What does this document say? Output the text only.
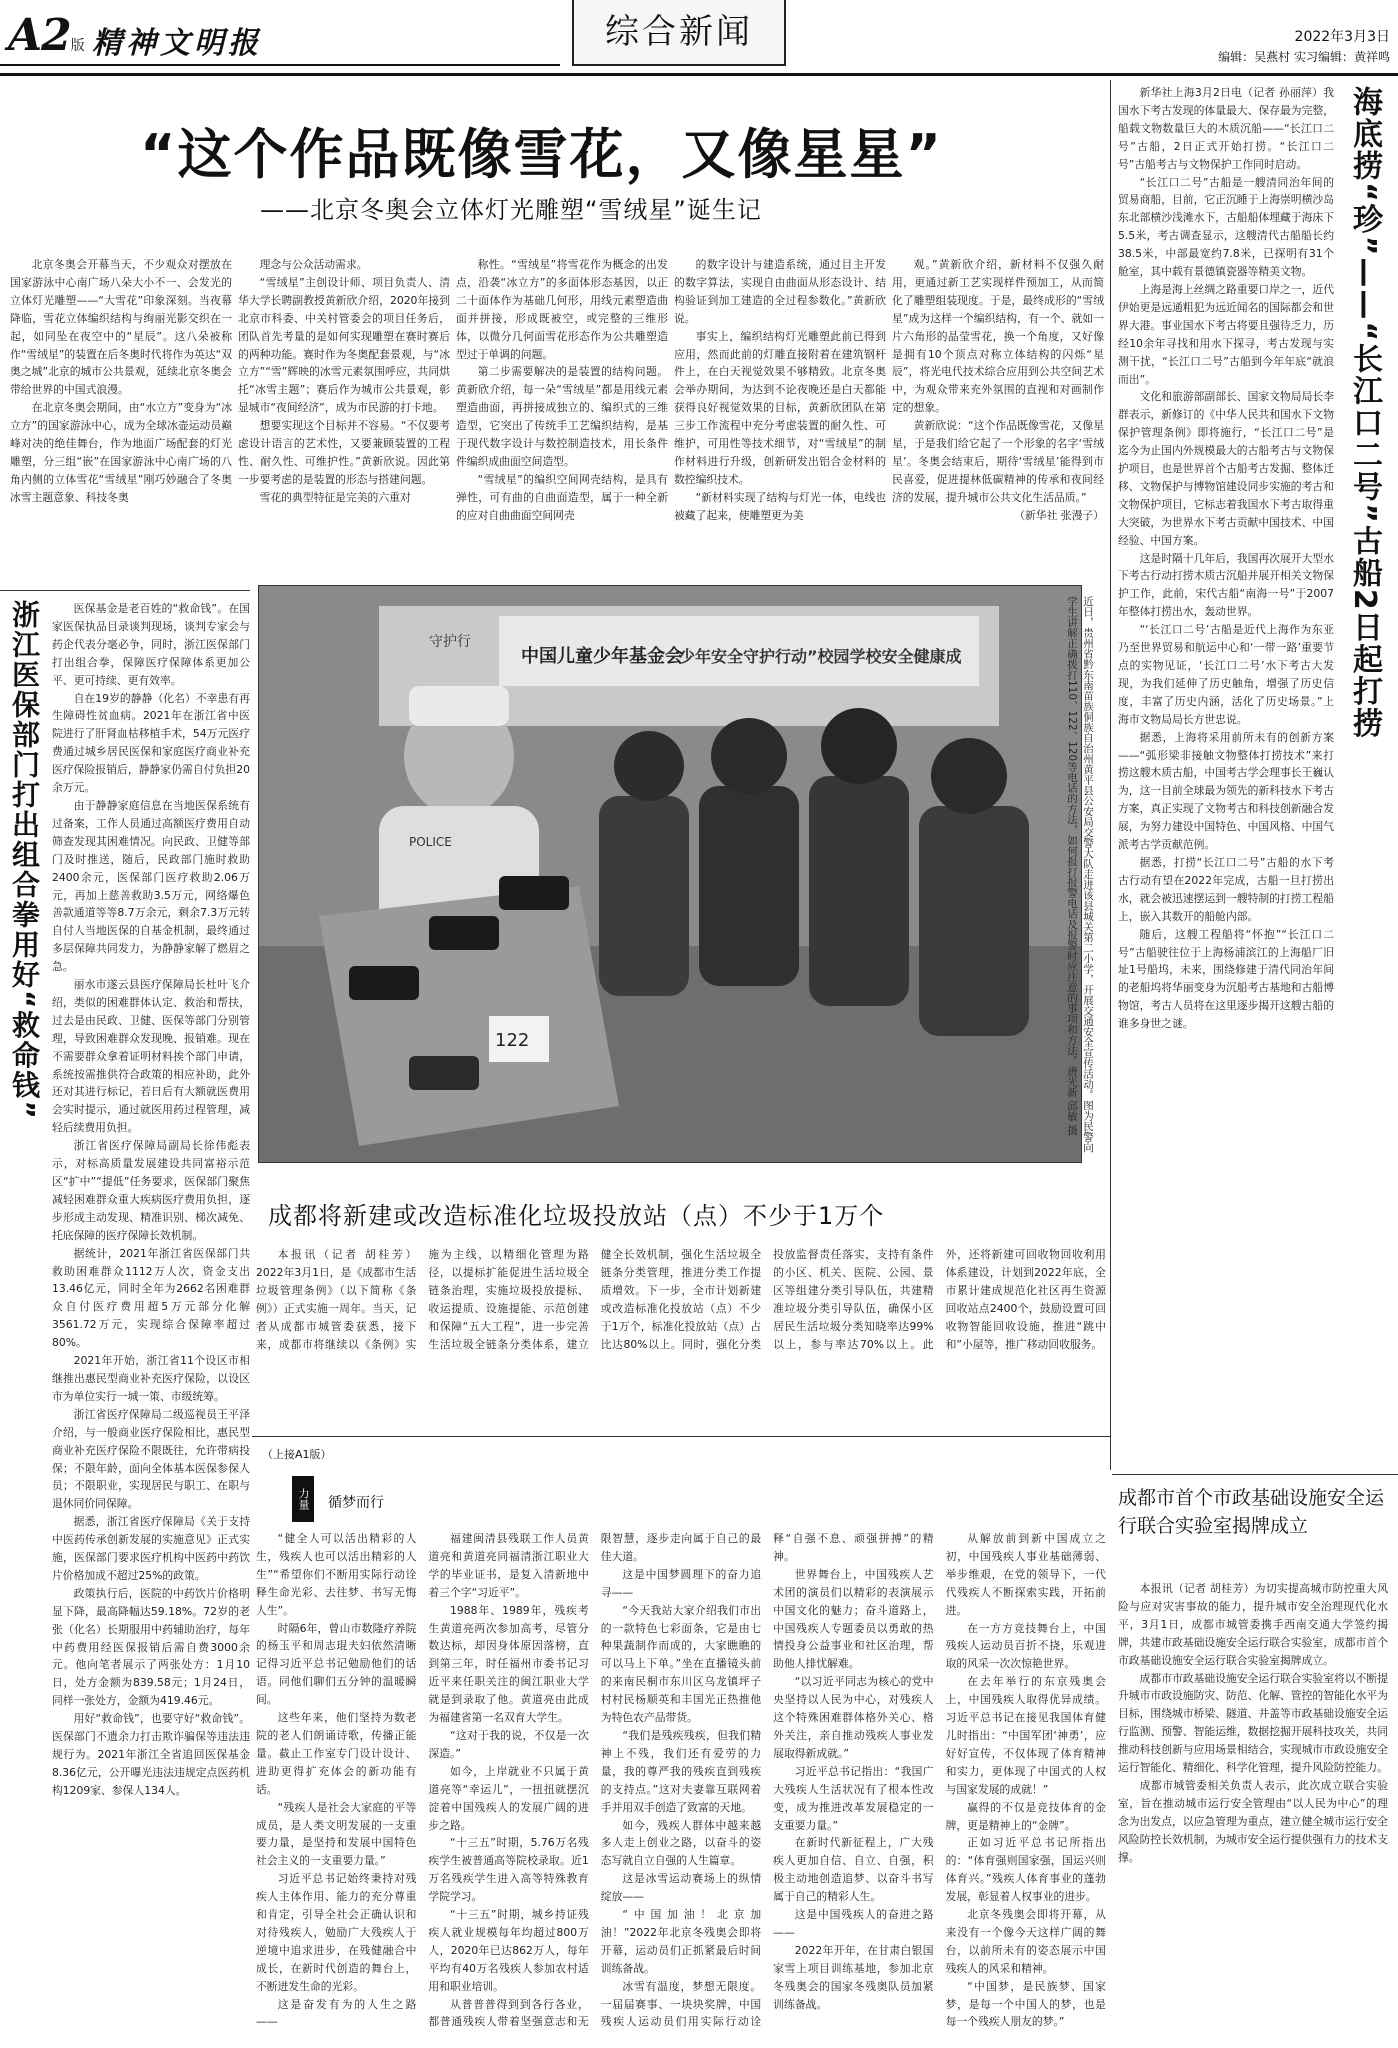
A2版 精神文明报	综合新闻	2022年3月3日
编辑：吴燕村 实习编辑：黄祥鸣
“这个作品既像雪花，又像星星”
——北京冬奥会立体灯光雕塑“雪绒星”诞生记

北京冬奥会开幕当天，不少观众对摆放在国家游泳中心南广场八朵大小不一、会发光的立体灯光雕塑——“大雪花”印象深刻。当夜幕降临，雪花立体编织结构与绚丽光影交织在一起，如同坠在夜空中的“星辰”。这八朵被称作“雪绒星”的装置在后冬奥时代将作为英达“双奥之城”北京的城市公共景观，延续北京冬奥会带给世界的中国式浪漫。

在北京冬奥会期间，由“水立方”变身为“冰立方”的国家游泳中心，成为全球冰壶运动员巅峰对决的绝佳舞台，作为地面广场配套的灯光雕塑，分三组“嵌”在国家游泳中心南广场的八角内侧的立体雪花“雪绒星”刚巧妙融合了冬奥冰雪主题意象、科技冬奥

理念与公众活动需求。

“雪绒星”主创设计师、项目负责人、清华大学长聘副教授黄新欣介绍，2020年接到北京市科委、中关村管委会的项目任务后，团队首先考量的是如何实现雕塑在赛时赛后的两种功能。赛时作为冬奥配套景观，与“冰立方”“雪”辉映的冰雪元素氛围呼应，共同烘托“冰雪主题”；赛后作为城市公共景观，彰显城市“夜间经济”，成为市民游的打卡地。

想要实现这个目标并不容易。“不仅要考虑设计语言的艺术性，又要兼顾装置的工程性、耐久性、可维护性。”黄新欣说。因此第一步要考虑的是装置的形态与搭建问题。

雪花的典型特征是完美的六重对

称性。“雪绒星”将雪花作为概念的出发点，沿袭“冰立方”的多面体形态基因，以正二十面体作为基础几何形，用线元素塑造曲面并拼接，形成既被空，或完整的三维形体，以微分几何面雪花形态作为公共雕塑造型过于单调的问题。

第二步需要解决的是装置的结构问题。黄新欣介绍，每一朵“雪绒星”都是用线元素塑造曲面，再拼接成独立的、编织式的三维造型，它突出了传统手工艺编织结构，是基于现代数字设计与数控制造技术，用长条件件编织成曲面空间造型。

“雪绒星”的编织空间网壳结构，是具有弹性，可有曲的自曲面造型，属于一种全新的应对自曲曲面空间网壳

的数字设计与建造系统，通过目主开发的数字算法，实现自由曲面从形态设计、结构验证到加工建造的全过程参数化。”黄新欣说。

事实上，编织结构灯光雕塑此前已得到应用，然而此前的灯雕直接附着在建筑钢杆件上，在白天视觉效果不够精致。北京冬奥会举办期间，为达到不论夜晚还是白天都能获得良好视觉效果的目标，黄新欣团队在第三步工作流程中充分考虑装置的耐久性、可维护，可用性等技术细节，对“雪绒星”的制作材料进行升级，创新研发出铝合金材料的数控编织技术。

“新材料实现了结构与灯光一体，电线也被藏了起来，使雕塑更为美

观。”黄新欣介绍，新材料不仅强久耐用，更通过新工艺实现样件预加工，从而简化了雕塑组装现度。于是，最终成形的“雪绒星”成为这样一个编织结构，有一个、就如一片六角形的晶莹雪花，换一个角度，又好像是拥有10个顶点对称立体结构的闪烁“星辰”，将光电代技术综合应用到公共空间艺术中，为观众带来充外氛围的直视和对画制作定的想象。

黄新欣说：“这个作品既像雪花，又像星星，于是我们给它起了一个形象的名字‘雪绒星’。冬奥会结束后，期待‘雪绒星’能得到市民喜爱，促进提林低碳精神的传承和夜间经济的发展，提升城市公共文化生活品质。”

（新华社 张漫子）	海底捞“珍”——“长江口二号”古船2日起打捞

新华社上海3月2日电（记者 孙丽萍）我国水下考古发现的体量最大、保存最为完整，船载文物数量巨大的木质沉船——“长江口二号”古船，2日正式开始打捞。“长江口二号”古船考古与文物保护工作同时启动。

“长江口二号”古船是一艘清同治年间的贸易商船，目前，它正沉睡于上海崇明横沙岛东北部横沙浅滩水下，古船船体埋藏于海床下5.5米，考古调查显示，这艘清代古船船长约38.5米，中部最宽约7.8米，已探明有31个舱室，其中载有景德镇瓷器等精美文物。

上海是海上丝绸之路重要口岸之一，近代伊始更是远通粗犯为远近闻名的国际都会和世界大港。事业国水下考古将要且强待乏力，历经10余年寻找和用水下探寻，考古发现与实测干扰，“长江口二号”古船到今年年底“就浪而出”。

文化和旅游部副部长、国家文物局局长李群表示，新修订的《中华人民共和国水下文物保护管理条例》即将施行，“长江口二号”是迄今为止国内外规模最大的古船考古与文物保护项目，也是世界首个古船考古发掘、整体迁移、文物保护与博物馆建设同步实施的考古和文物保护项目，它标志着我国水下考古取得重大突破，为世界水下考古贡献中国技术、中国经验、中国方案。

这是时隔十几年后，我国再次展开大型水下考古行动打捞木质古沉船并展开相关文物保护工作，此前，宋代古船“南海一号”于2007年整体打捞出水，轰动世界。

“‘长江口二号’古船是近代上海作为东亚乃至世界贸易和航运中心和‘一带一路’重要节点的实物见证，‘长江口二号’水下考古大发现，为我们延伸了历史触角，增强了历史信度，丰富了历史内涵，活化了历史场景。”上海市文物局局长方世忠说。

据悉，上海将采用前所未有的创新方案——“弧形梁非接触文物整体打捞技术”来打捞这艘木质古船，中国考古学会理事长王巍认为，这一目前全球最为领先的新科技水下考古方案，真正实现了文物考古和科技创新融合发展，为努力建设中国特色、中国风格、中国气派考古学贡献范例。

据悉，打捞“长江口二号”古船的水下考古行动有望在2022年完成，古船一旦打捞出水，就会被迅速摆运到一艘特制的打捞工程船上，嵌入其数开的船舱内部。

随后，这艘工程船将“怀抱”“长江口二号”古船驶往位于上海杨浦滨江的上海船厂旧址1号船坞，未来，围绕修建于清代同治年间的老船坞将华丽变身为沉船考古基地和古船博物馆，考古人员将在这里逐步揭开这艘古船的谁多身世之谜。

浙江医保部门打出组合拳用好“救命钱”	医保基金是老百姓的“救命钱”。在国家医保执品目录谈判现场，谈判专家会与药企代表分毫必争，同时，浙江医保部门打出组合拳，保障医疗保障体系更加公平、更可持续、更有效率。

自在19岁的静静（化名）不幸患有再生障碍性贫血病。2021年在浙江省中医院进行了肝肾血枯移植手术，54万元医疗费通过城乡居民医保和家庭医疗商业补充医疗保险报销后，静静家仍需自付负担20余万元。

由于静静家庭信息在当地医保系统有过备案，工作人员通过高额医疗费用自动筛查发现其困难情况。向民政、卫健等部门及时推送，随后，民政部门施时救助2400余元，医保部门医疗救助2.06万元，再加上慈善救助3.5万元，网络爆色善款通道等等8.7万余元，剩余7.3万元转自付人当地医保的自基金机制，最终通过多层保障共同发力，为静静家解了燃眉之急。

丽水市遂云县医疗保障局长杜叶飞介绍，类似的困难群体认定、救治和帮扶，过去是由民政、卫健、医保等部门分别管理，导致困难群众发现晚、报销难。现在不需要群众拿着证明材料挨个部门申请，系统按需推供符合政策的相应补助，此外还对其进行标记，若日后有大额就医费用会实时提示，通过就医用药过程管理，减轻后续费用负担。

浙江省医疗保障局副局长徐伟彪表示，对标高质量发展建设共同富裕示范区“扩中”“提低”任务要求，医保部门聚焦减轻困难群众重大疾病医疗费用负担，逐步形成主动发现、精准识别、梯次减免、托底保障的医疗保障长效机制。

据统计，2021年浙江省医保部门共救助困难群众1112万人次，资金支出13.46亿元，同时全年为2662名困难群众自付医疗费用超5万元部分化解3561.72万元，实现综合保障率超过80%。

2021年开始，浙江省11个设区市相继推出惠民型商业补充医疗保险，以设区市为单位实行一城一策、市级统筹。

浙江省医疗保障局二级巡视员王平泽介绍，与一般商业医疗保险相比，惠民型商业补充医疗保险不限既往，允许带病投保；不限年龄，面向全体基本医保参保人员；不限职业，实现居民与职工、在职与退休同价同保障。

据悉，浙江省医疗保障局《关于支持中医药传承创新发展的实施意见》正式实施，医保部门要求医疗机构中医药中药饮片价格加成不超过25%的政策。

政策执行后，医院的中药饮片价格明显下降，最高降幅达59.18%。72岁的老张（化名）长期服用中药辅助治疗，每年中药费用经医保报销后需自费3000余元。他向笔者展示了两张处方：1月10日，处方金额为839.58元；1月24日，同样一张处方，金额为419.46元。

用好“救命钱”，也要守好“救命钱”。医保部门不遗余力打击欺诈骗保等违法违规行为。2021年浙江全省追回医保基金8.36亿元，公开曝光违法违规定点医药机构1209家、参保人134人。

中国儿童少年基金会
少年安全守护行动”校园学校安全健康成
守护行
POLICE
122	近日，贵州省黔东南苗族侗族自治州黄平县公安局交警大队走进该县城关第二小学，开展交通安全宣传活动。图为民警向学生讲解正确拨打110、122、120等电话的方法，如何报打报警电话及报警时应注意的事项和方法。唐光新 邱敏 摄
成都将新建或改造标准化垃圾投放站（点）不少于1万个

本报讯（记者 胡桂芳）2022年3月1日，是《成都市生活垃圾管理条例》（以下简称《条例》）正式实施一周年。当天，记者从成都市城管委获悉，接下来，成都市将继续以《条例》实施为主线，以精细化管理为路径，以提标扩能促进生活垃圾全链条治理，实施垃圾投放提标、收运提质、设施提能、示范创建和保障“五大工程”，进一步完善生活垃圾全链条分类体系，建立健全长效机制，强化生活垃圾全链条分类管理，推进分类工作提质增效。下一步，全市计划新建或改造标准化投放站（点）不少于1万个，标准化投放站（点）占比达80%以上。同时，强化分类投放监督责任落实，支持有条件的小区、机关、医院、公园、景区等组建分类引导队伍，共建精准垃圾分类引导队伍，确保小区居民生活垃圾分类知晓率达99%以上，参与率达70%以上。此外，还将新建可回收物回收利用体系建设，计划到2022年底，全市累计建成规范化社区再生资源回收站点2400个，鼓励设置可回收物智能回收设施，推进“跳中和”小屋等，推广移动回收服务。

（上接A1版）
力量 循梦而行

“健全人可以活出精彩的人生，残疾人也可以活出精彩的人生”“希望你们不断用实际行动诠释生命光彩、去往梦、书写无悔人生”。

时隔6年，曾山市数隆疗养院的杨玉平和周志琨夫妇依然清晰记得习近平总书记勉励他们的话语。同他们聊们五分钟的温暖瞬间。

这些年来，他们坚持为数老院的老人们朗诵诗歌，传播正能量。截止工作室专门设计设计、进助更得扩充体会的新功能有话。

“残疾人是社会大家庭的平等成员，是人类文明发展的一支重要力量，是坚持和发展中国特色社会主义的一支重要力量。”

习近平总书记始终秉持对残疾人主体作用、能力的充分尊重和肯定，引导全社会正确认识和对待残疾人，勉励广大残疾人于逆境中追求进步，在残健融合中成长，在新时代创造的舞台上，不断迸发生命的光彩。

这是奋发有为的人生之路——

福建闽清县残联工作人员黄道亮和黄道亮同福清浙江职业大学的毕业证书，是复入清新地中着三个字“习近平”。

1988年、1989年，残疾考生黄道亮两次参加高考，尽管分数达标，却因身体原因落榜，直到第三年，时任福州市委书记习近平来任职关注的闽江职业大学就是到录取了他。黄道亮由此成为福建省第一名双育大学生。

“这对于我的说，不仅是一次深造。”

如今，上岸就业不只属于黄道亮等“幸运儿”，一扭扭就摆沉淀着中国残疾人的发展广阔的进步之路。

“十三五”时期，5.76万名残疾学生被普通高等院校录取。近1万名残疾学生进入高等特殊教育学院学习。

“十三五”时期，城乡持证残疾人就业规模每年均超过800万人，2020年已达862万人，每年平均有40万名残疾人参加农村适用和职业培训。

从普普普得到到各行各业，都普通残疾人带着坚强意志和无限智慧，逐步走向属于自己的最佳大道。

这是中国梦圆理下的奋力追寻——

“今天我站大家介绍我们市出的一款特色七彩面条，它是由七种果蔬制作而成的，大家瞧瞧的可以马上下单。”坐在直播镜头前的来南民桐市东川区乌龙镇坪子村村民杨顺英和丰国光正热推他为特色农产品带货。

“我们是残疾残疾，但我们精神上不残，我们还有爱劳的力量，我的尊严我的残疾直到残疾的支持点。”这对夫妻靠互联网着手并用双手创造了致富的天地。

如今，残疾人群体中越来越多人走上创业之路，以奋斗的姿态写就自立自强的人生篇章。

这是冰雪运动赛场上的纵情绽放——

“中国加油！北京加油！”2022年北京冬残奥会即将开幕，运动员们正抓紧最后时间训练备战。

冰雪有温度，梦想无限度。一届届赛事、一块块奖牌，中国残疾人运动员们用实际行动诠释“自强不息、顽强拼搏”的精神。

世界舞台上，中国残疾人艺术团的演员们以精彩的表演展示中国文化的魅力；奋斗道路上，中国残疾人专题委员以勇敢的热情投身公益事业和社区治理，帮助他人排忧解难。

“以习近平同志为核心的党中央坚持以人民为中心，对残疾人这个特殊困难群体格外关心、格外关注，亲自推动残疾人事业发展取得新成就。”

习近平总书记指出：“我国广大残疾人生活状况有了根本性改变，成为推进改革发展稳定的一支重要力量。”

在新时代新征程上，广大残疾人更加自信、自立、自强，积极主动地创造追梦、以奋斗书写属于自己的精彩人生。

这是中国残疾人的奋进之路——

2022年开年，在甘肃白银国家雪上项目训练基地，参加北京冬残奥会的国家冬残奥队员加紧训练备战。

从解放前到新中国成立之初，中国残疾人事业基础薄弱、举步维艰，在党的领导下，一代代残疾人不断探索实践，开拓前进。

在一方方竞技舞台上，中国残疾人运动员百折不挠，乐观进取的风采一次次惊艳世界。

在去年举行的东京残奥会上，中国残疾人取得优异成绩。习近平总书记在接见我国体育健儿时指出：“中国军团‘神勇’，应好好宣传，不仅体现了体育精神和实力，更体现了中国式的人权与国家发展的成就！”

赢得的不仅是竞技体育的金牌，更是精神上的“金牌”。

正如习近平总书记所指出的：“体育强则国家强，国运兴则体育兴。”残疾人体育事业的蓬勃发展，彰显着人权事业的进步。

北京冬残奥会即将开幕，从来没有一个像今天这样广阔的舞台，以前所未有的姿态展示中国残疾人的风采和精神。

“中国梦，是民族梦、国家梦，是每一个中国人的梦，也是每一个残疾人朋友的梦。”

成都市首个市政基础设施安全运行联合实验室揭牌成立

本报讯（记者 胡桂芳）为切实提高城市防控重大风险与应对灾害事故的能力，提升城市安全治理现代化水平，3月1日，成都市城管委携手西南交通大学签约揭牌，共建市政基础设施安全运行联合实验室，成都市首个市政基础设施安全运行联合实验室揭牌成立。

成都市市政基础设施安全运行联合实验室将以不断提升城市市政设施防灾、防范、化解、管控的智能化水平为目标，围绕城市桥梁、隧道、井盖等市政基础设施安全运行监测、预警、智能运维，数据挖掘开展科技攻关，共同推动科技创新与应用场景相结合，实现城市市政设施安全运行智能化、精细化、科学化管理，提升风险防控能力。

成都市城管委相关负责人表示，此次成立联合实验室，旨在推动城市运行安全管理由“以人民为中心”的理念为出发点，以应急管理为重点，建立健全城市运行安全风险防控长效机制，为城市安全运行提供强有力的技术支撑。
